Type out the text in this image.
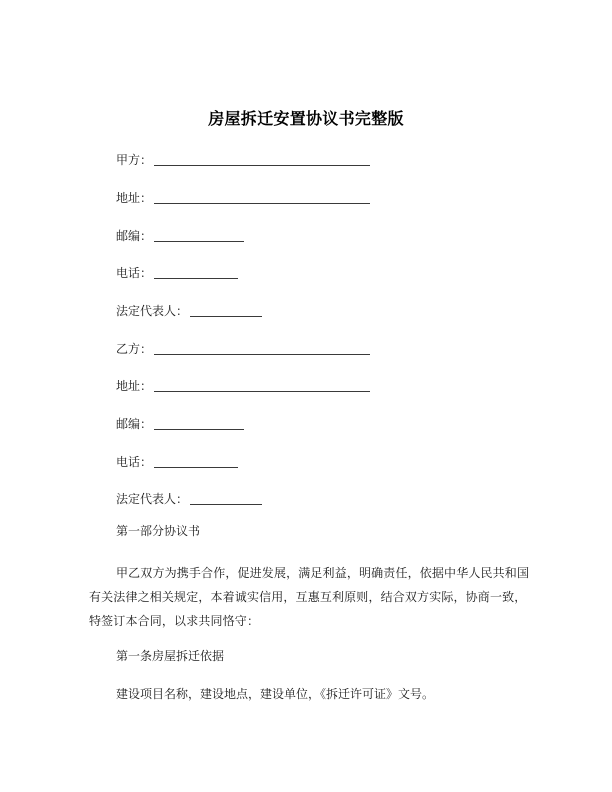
房屋拆迁安置协议书完整版
甲方：
地址：
邮编：
电话：
法定代表人：
乙方：
地址：
邮编：
电话：
法定代表人：
第一部分协议书
甲乙双方为携手合作，促进发展，满足利益，明确责任，依据中华人民共和国
有关法律之相关规定，本着诚实信用，互惠互利原则，结合双方实际，协商一致，
特签订本合同，以求共同恪守：
第一条房屋拆迁依据
建设项目名称，建设地点，建设单位，《拆迁许可证》文号。
